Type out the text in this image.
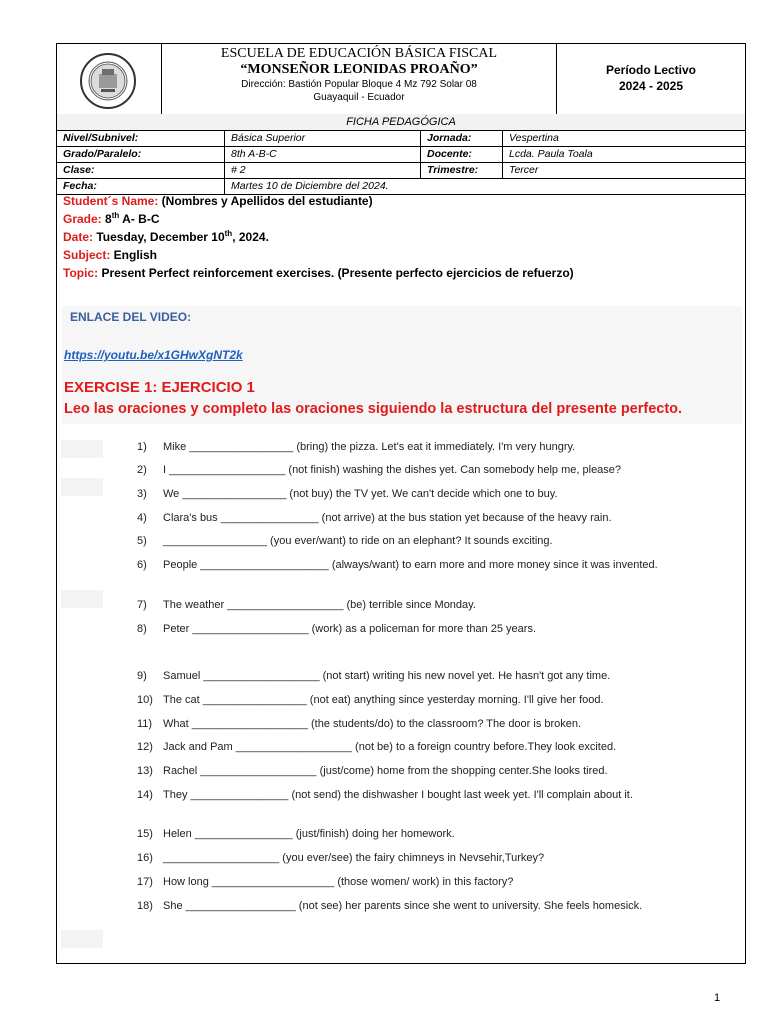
ESCUELA DE EDUCACIÓN BÁSICA FISCAL
“MONSEÑOR LEONIDAS PROAÑO”
Dirección: Bastión Popular Bloque 4 Mz 792 Solar 08
Guayaquil - Ecuador
Período Lectivo
2024 - 2025
FICHA PEDAGÓGICA
Nivel/Subnivel:	Básica Superior	Jornada:	Vespertina
Grado/Paralelo:	8th A-B-C	Docente:	Lcda. Paula Toala
Clase:	# 2	Trimestre:	Tercer
Fecha:	Martes 10 de Diciembre del 2024.
Student´s Name: (Nombres y Apellidos del estudiante)
Grade: 8th A- B-C
Date: Tuesday, December 10th, 2024.
Subject: English
Topic: Present Perfect reinforcement exercises. (Presente perfecto ejercicios de refuerzo)
ENLACE DEL VIDEO:
https://youtu.be/x1GHwXgNT2k
EXERCISE 1: EJERCICIO 1
Leo las oraciones y completo las oraciones siguiendo la estructura del presente perfecto.
1)	Mike _________________ (bring) the pizza. Let's eat it immediately. I'm very hungry.
2)	I ___________________ (not finish) washing the dishes yet. Can somebody help me, please?
3)	We _________________ (not buy) the TV yet. We can't decide which one to buy.
4)	Clara's bus ________________ (not arrive) at the bus station yet because of the heavy rain.
5)	_________________ (you ever/want) to ride on an elephant? It sounds exciting.
6)	People _____________________ (always/want) to earn more and more money since it was invented.
7)	The weather ___________________ (be) terrible since Monday.
8)	Peter ___________________ (work) as a policeman for more than 25 years.
9)	Samuel ___________________ (not start) writing his new novel yet. He hasn't got any time.
10) The cat _________________ (not eat) anything since yesterday morning. I'll give her food.
11) What ___________________ (the students/do) to the classroom? The door is broken.
12) Jack and Pam ___________________ (not be) to a foreign country before.They look excited.
13) Rachel ___________________ (just/come) home from the shopping center.She looks tired.
14) They ________________ (not send) the dishwasher I bought last week yet. I'll complain about it.
15) Helen ________________ (just/finish) doing her homework.
16) ___________________ (you ever/see) the fairy chimneys in Nevsehir,Turkey?
17) How long ____________________ (those women/ work) in this factory?
18) She __________________ (not see) her parents since she went to university. She feels homesick.
1
